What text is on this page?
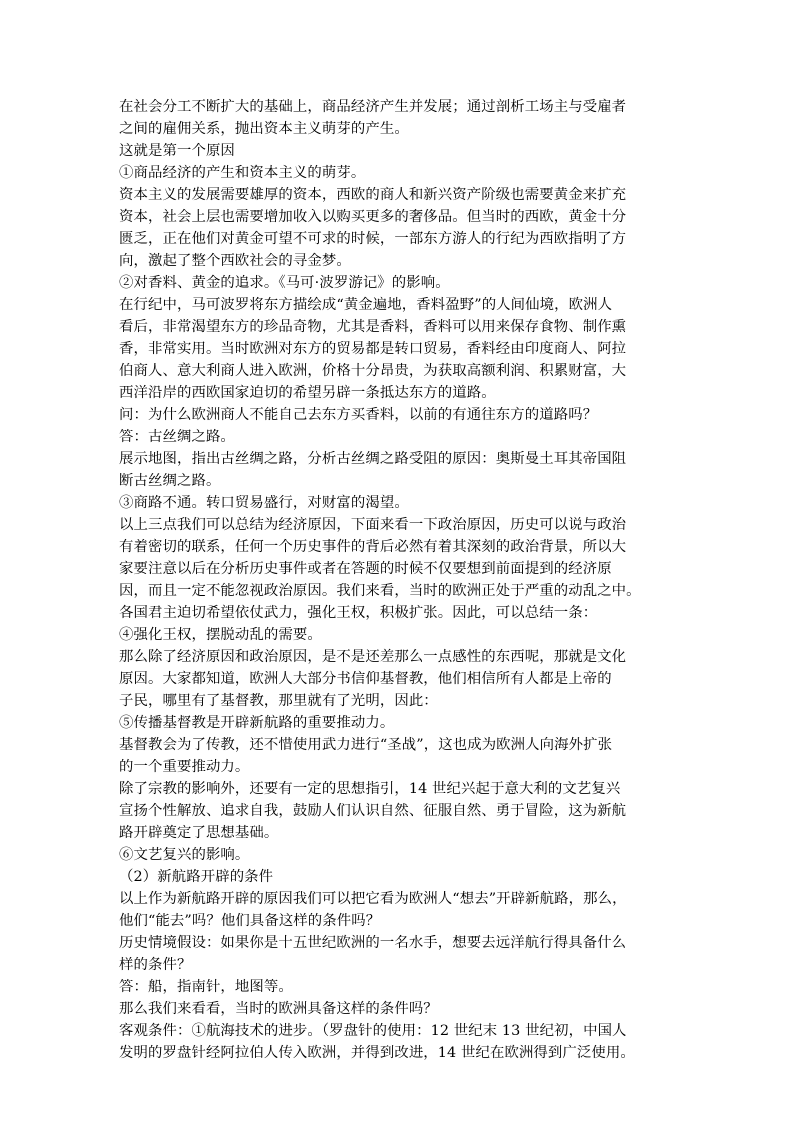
在社会分工不断扩大的基础上，商品经济产生并发展；通过剖析工场主与受雇者
之间的雇佣关系，抛出资本主义萌芽的产生。
这就是第一个原因
①商品经济的产生和资本主义的萌芽。
资本主义的发展需要雄厚的资本，西欧的商人和新兴资产阶级也需要黄金来扩充
资本，社会上层也需要增加收入以购买更多的奢侈品。但当时的西欧，黄金十分
匮乏，正在他们对黄金可望不可求的时候，一部东方游人的行纪为西欧指明了方
向，激起了整个西欧社会的寻金梦。
②对香料、黄金的追求。《马可·波罗游记》的影响。
在行纪中，马可波罗将东方描绘成“黄金遍地，香料盈野”的人间仙境，欧洲人
看后，非常渴望东方的珍品奇物，尤其是香料，香料可以用来保存食物、制作熏
香，非常实用。当时欧洲对东方的贸易都是转口贸易，香料经由印度商人、阿拉
伯商人、意大利商人进入欧洲，价格十分昂贵，为获取高额利润、积累财富，大
西洋沿岸的西欧国家迫切的希望另辟一条抵达东方的道路。
问：为什么欧洲商人不能自己去东方买香料，以前的有通往东方的道路吗？
答：古丝绸之路。
展示地图，指出古丝绸之路，分析古丝绸之路受阻的原因：奥斯曼土耳其帝国阻
断古丝绸之路。
③商路不通。转口贸易盛行，对财富的渴望。
以上三点我们可以总结为经济原因，下面来看一下政治原因，历史可以说与政治
有着密切的联系，任何一个历史事件的背后必然有着其深刻的政治背景，所以大
家要注意以后在分析历史事件或者在答题的时候不仅要想到前面提到的经济原
因，而且一定不能忽视政治原因。我们来看，当时的欧洲正处于严重的动乱之中。
各国君主迫切希望依仗武力，强化王权，积极扩张。因此，可以总结一条：
④强化王权，摆脱动乱的需要。
那么除了经济原因和政治原因，是不是还差那么一点感性的东西呢，那就是文化
原因。大家都知道，欧洲人大部分书信仰基督教，他们相信所有人都是上帝的
子民，哪里有了基督教，那里就有了光明，因此：
⑤传播基督教是开辟新航路的重要推动力。
基督教会为了传教，还不惜使用武力进行“圣战”，这也成为欧洲人向海外扩张
的一个重要推动力。
除了宗教的影响外，还要有一定的思想指引，14 世纪兴起于意大利的文艺复兴
宣扬个性解放、追求自我，鼓励人们认识自然、征服自然、勇于冒险，这为新航
路开辟奠定了思想基础。
⑥文艺复兴的影响。
（2）新航路开辟的条件
以上作为新航路开辟的原因我们可以把它看为欧洲人“想去”开辟新航路，那么，
他们“能去”吗？他们具备这样的条件吗？
历史情境假设：如果你是十五世纪欧洲的一名水手，想要去远洋航行得具备什么
样的条件？
答：船，指南针，地图等。
那么我们来看看，当时的欧洲具备这样的条件吗？
客观条件：①航海技术的进步。（罗盘针的使用：12 世纪末 13 世纪初，中国人
发明的罗盘针经阿拉伯人传入欧洲，并得到改进，14 世纪在欧洲得到广泛使用。
